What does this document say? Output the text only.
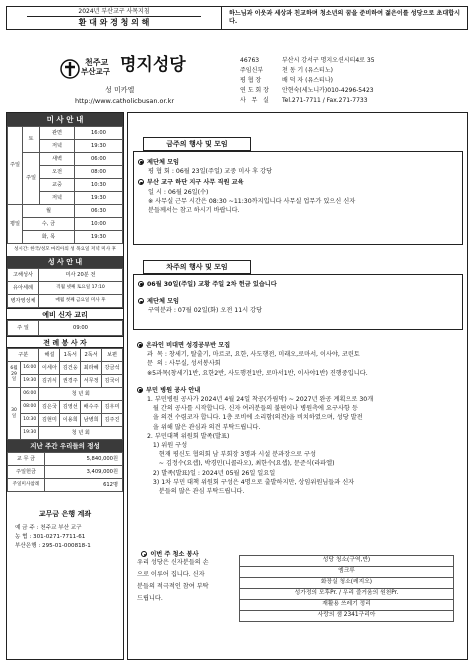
2024년 부산교구 사목지침
환 대 와 경 청 의 해
하느님과 이웃과 세상과 친교하며 청소년의 꿈을 준비하여 젊은이를 성당으로 초대합시다.
천주교
부산교구 명지성당
성 미카엘
http://www.catholicbusan.or.kr
46763	부산시 강서구 명지오션시티4로 35
주임신부	천 동 기 (유스티노)
평 협 장	배 덕 자 (유스티나)
연 도 회 장	안현숙(세노니카)010-4296-5423
사   무   실	Tel.271-7711 / Fax.271-7733
미 사 안 내
주일	토	관면	16:00
		저녁	19:30
	주일	새벽	06:00
		오전	08:00
		교중	10:30
		저녁	19:30
평일	월		06:30
	수, 금		10:00
	화, 목		19:30
성시간: 한국/성모 마리아의 성 목요일 저녁 미사 후
성 사 안 내
고해성사	미사 20분 전
유아세례	격월 넷째 토요일 17:10
병자영성체	매월 첫째 금요일 미사 후
예비 신자 교리
주 일	09:00
전 례 봉 사 자
구분		해설	1독서	2독서	보편
6월
29일	16:00	이세아	김건웅	최라혜	강금석
	19:30	김귀식	권경주	서무정	김국이
30일	06:00	청 년 회			
	08:00	김은국	김영선	배수주	김우미
	10:30	김현미	이용희	남병희	김주진
	19:30	청 년 회			
지난 주간 우리들의 정성
교 무 금	5,840,000원
주일헌금	3,409,000원
주일미사참례	612명
교무금 은행 계좌
예 금 주 : 천주교 부산 교구
농 협 : 301-0271-7711-61
부산은행 : 295-01-000818-1
금주의 행사 및 모임
제단체 모임
평 협 회 : 06월 23일(주일) 교중 미사 후 강당
부산 교구 하단 지구 사무 직원 교육
일 시 : 06월 26일(수)
※ 사무실 근무 시간은 08:30 ~11:30까지입니다 사무실 업무가 있으신 신자
분들께서는 참고 하시기 바랍니다.
차주의 행사 및 모임
06월 30일(주일) 교황 주일 2차 헌금 있습니다
제단체 모임
구역분과 : 07월 02일(화) 오전 11시 강당
온라인 비대면 성경공부반 모집
과  목 : 창세기, 탈출기, 마르코, 요한, 사도행전, 미래오,로마서, 이사야, 코린토
문  의 : 사무실, 성서봉사회
※5과목(창세기1반, 요한2반, 사도행전1반, 로마서1반, 이사야1반) 진행중입니다.
부민 병원 공사 안내
1. 부민병원 공사가 2024년 4월 24일 착공(가림막) ~ 2027년 완공 계획으로 30개
월 간의 공사를 시작합니다. 신자 여러분들의 불편이나 병원측에 요구사항 등
을 의견 수렴코자 합니다. 1층 로비에 소리함(의견)을 비치하였으며, 성당 발전
을 위해 많은 관심과 의견 부탁드립니다.
2. 부민대책 위원회 발족(발표)
1) 위원 구성
현재 평신도 협의회 남 부회장 3명과 시설 분과장으로 구성
~ 김정수(요셉), 박경민(니콜라오), 최한수(요셉), 문준식(라파엘)
2) 발족(발표)일 : 2024년 05월 26일 일요일
3) 1차 부민 대책 위원회 구성은 4명으로 출발하지만, 상임위원님들과 신자
분들의 많은 관심 부탁드립니다.

이번 주 청소 봉사

우리 성당은 신자분들의 손
으로 이루어 집니다. 신자
분들의 적극적인 참여 부탁
드립니다.
성당 청소(구역,반)
엠크루
화장실 청소(레지오)
성가정의 모후Pr. / 우리 즐거움의 원천Pr.
재활용 쓰레기 정리
사랑의 샘 2341구리아
